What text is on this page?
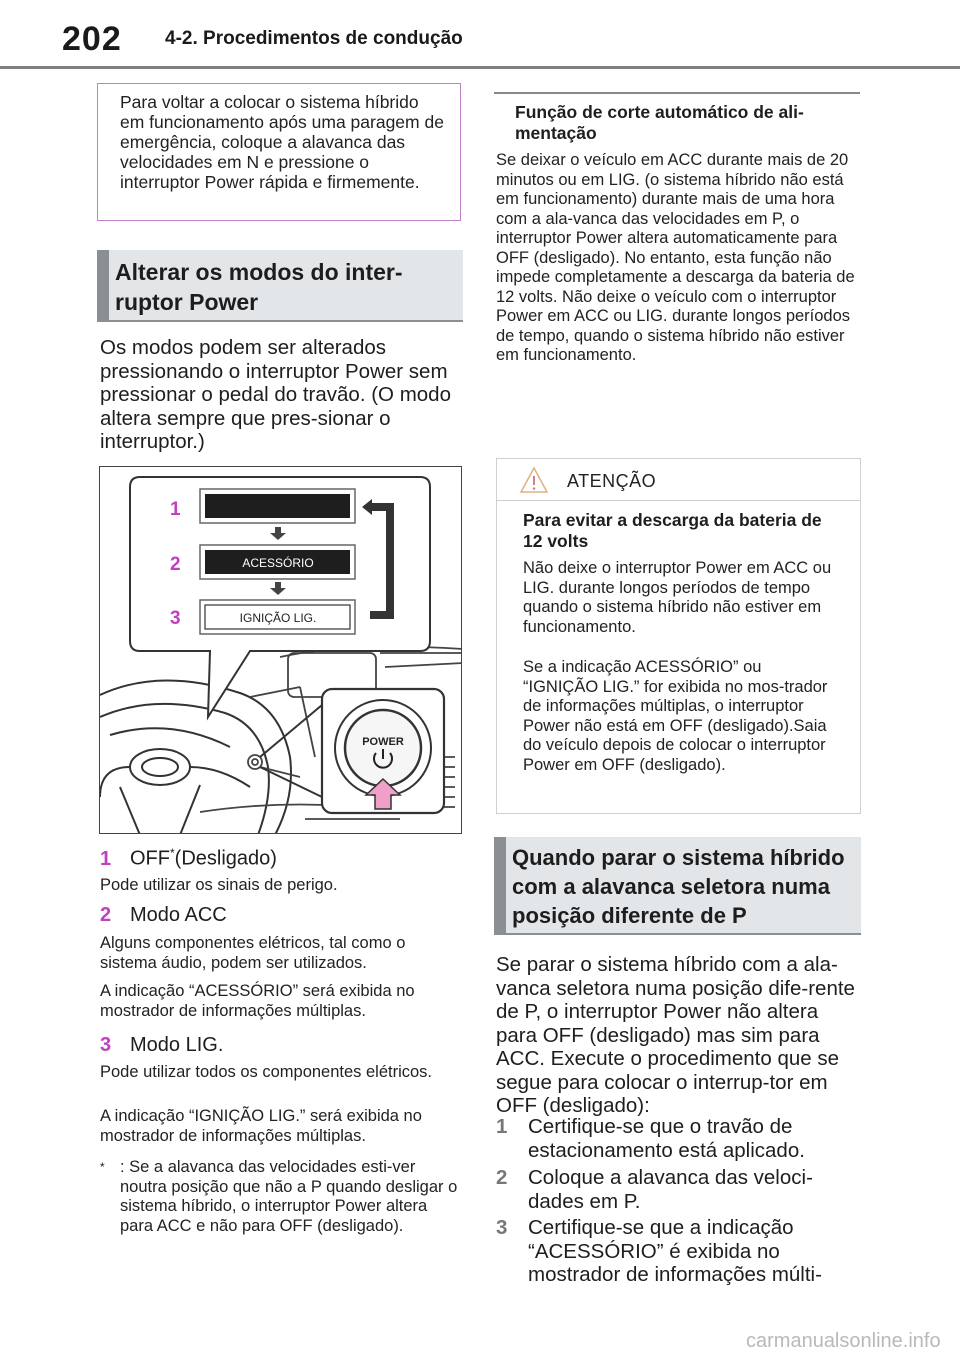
202 4-2. Procedimentos de condução
Para voltar a colocar o sistema híbrido em funcionamento após uma paragem de emergência, coloque a alavanca das velocidades em N e pressione o interruptor Power rápida e firmemente.
Alterar os modos do inter-ruptor Power
Os modos podem ser alterados pressionando o interruptor Power sem pressionar o pedal do travão. (O modo altera sempre que pres-sionar o interruptor.)
ACESSÓRIO
IGNIÇÃO LIG.
1
2
3
POWER
1 OFF*(Desligado)
Pode utilizar os sinais de perigo.
2 Modo ACC
Alguns componentes elétricos, tal como o sistema áudio, podem ser utilizados.
A indicação “ACESSÓRIO” será exibida no mostrador de informações múltiplas.
3 Modo LIG.
Pode utilizar todos os componentes elétricos.
A indicação “IGNIÇÃO LIG.” será exibida no mostrador de informações múltiplas.
* : Se a alavanca das velocidades esti-ver noutra posição que não a P quando desligar o sistema híbrido, o interruptor Power altera para ACC e não para OFF (desligado).
Função de corte automático de ali-mentação
Se deixar o veículo em ACC durante mais de 20 minutos ou em LIG. (o sistema híbrido não está em funcionamento) durante mais de uma hora com a ala-vanca das velocidades em P, o interruptor Power altera automaticamente para OFF (desligado). No entanto, esta função não impede completamente a descarga da bateria de 12 volts. Não deixe o veículo com o interruptor Power em ACC ou LIG. durante longos períodos de tempo, quando o sistema híbrido não estiver em funcionamento.
ATENÇÃO
Para evitar a descarga da bateria de 12 volts
Não deixe o interruptor Power em ACC ou LIG. durante longos períodos de tempo quando o sistema híbrido não estiver em funcionamento.
Se a indicação ACESSÓRIO” ou “IGNIÇÃO LIG.” for exibida no mos-trador de informações múltiplas, o interruptor Power não está em OFF (desligado).Saia do veículo depois de colocar o interruptor Power em OFF (desligado).
Quando parar o sistema híbrido com a alavanca seletora numa posição diferente de P
Se parar o sistema híbrido com a ala-vanca seletora numa posição dife-rente de P, o interruptor Power não altera para OFF (desligado) mas sim para ACC. Execute o procedimento que se segue para colocar o interrup-tor em OFF (desligado):
1	Certifique-se que o travão de estacionamento está aplicado.
2	Coloque a alavanca das veloci-dades em P.
3	Certifique-se que a indicação “ACESSÓRIO” é exibida no mostrador de informações múlti-
carmanualsonline.info
